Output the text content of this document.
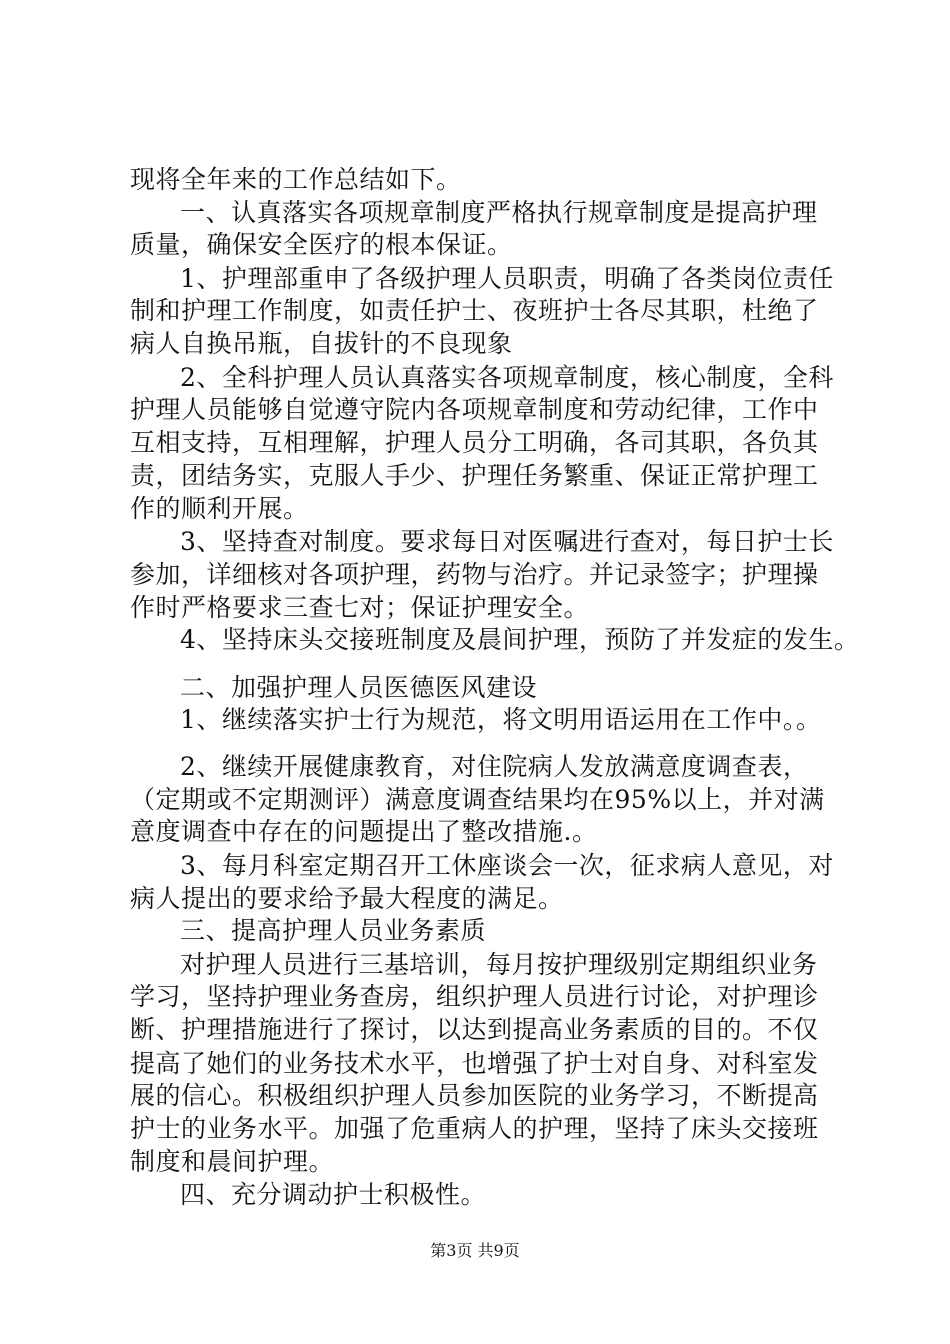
现将全年来的工作总结如下。
一、认真落实各项规章制度严格执行规章制度是提高护理
质量，确保安全医疗的根本保证。
1、护理部重申了各级护理人员职责，明确了各类岗位责任
制和护理工作制度，如责任护士、夜班护士各尽其职，杜绝了
病人自换吊瓶，自拔针的不良现象
2、全科护理人员认真落实各项规章制度，核心制度，全科
护理人员能够自觉遵守院内各项规章制度和劳动纪律，工作中
互相支持，互相理解，护理人员分工明确，各司其职，各负其
责，团结务实，克服人手少、护理任务繁重、保证正常护理工
作的顺利开展。
3、坚持查对制度。要求每日对医嘱进行查对，每日护士长
参加，详细核对各项护理，药物与治疗。并记录签字；护理操
作时严格要求三查七对；保证护理安全。
4、坚持床头交接班制度及晨间护理，预防了并发症的发生。
二、加强护理人员医德医风建设
1、继续落实护士行为规范，将文明用语运用在工作中。。
2、继续开展健康教育，对住院病人发放满意度调查表，
（定期或不定期测评）满意度调查结果均在95%以上，并对满
意度调查中存在的问题提出了整改措施.。
3、每月科室定期召开工休座谈会一次，征求病人意见，对
病人提出的要求给予最大程度的满足。
三、提高护理人员业务素质
对护理人员进行三基培训，每月按护理级别定期组织业务
学习，坚持护理业务查房，组织护理人员进行讨论，对护理诊
断、护理措施进行了探讨，以达到提高业务素质的目的。不仅
提高了她们的业务技术水平，也增强了护士对自身、对科室发
展的信心。积极组织护理人员参加医院的业务学习，不断提高
护士的业务水平。加强了危重病人的护理，坚持了床头交接班
制度和晨间护理。
四、充分调动护士积极性。
第3页 共9页
